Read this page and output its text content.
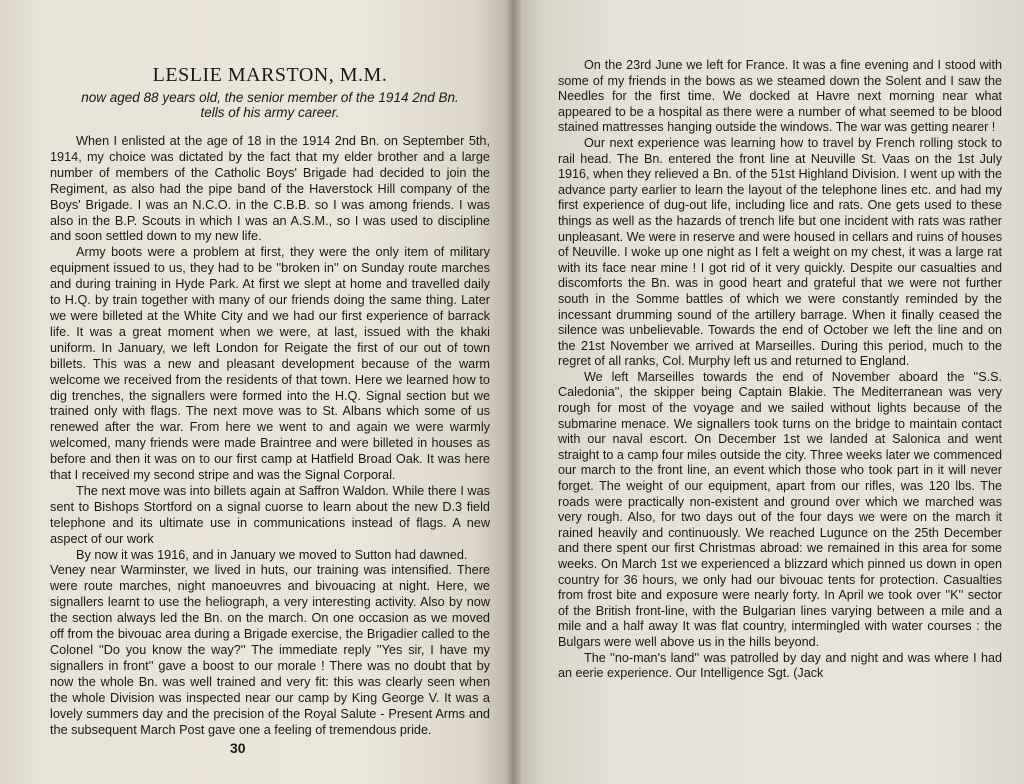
LESLIE MARSTON, M.M.
now aged 88 years old, the senior member of the 1914 2nd Bn.
tells of his army career.

When I enlisted at the age of 18 in the 1914 2nd Bn. on September 5th, 1914, my choice was dictated by the fact that my elder brother and a large number of members of the Catholic Boys' Brigade had decided to join the Regiment, as also had the pipe band of the Haverstock Hill company of the Boys' Brigade. I was an N.C.O. in the C.B.B. so I was among friends. I was also in the B.P. Scouts in which I was an A.S.M., so I was used to discipline and soon settled down to my new life.

Army boots were a problem at first, they were the only item of military equipment issued to us, they had to be ''broken in'' on Sunday route marches and during training in Hyde Park. At first we slept at home and travelled daily to H.Q. by train together with many of our friends doing the same thing. Later we were billeted at the White City and we had our first experience of barrack life. It was a great moment when we were, at last, issued with the khaki uniform. In January, we left London for Reigate the first of our out of town billets. This was a new and pleasant development because of the warm welcome we received from the residents of that town. Here we learned how to dig trenches, the signallers were formed into the H.Q. Signal section but we trained only with flags. The next move was to St. Albans which some of us renewed after the war. From here we went to and again we were warmly welcomed, many friends were made Braintree and were billeted in houses as before and then it was on to our first camp at Hatfield Broad Oak. It was here that I received my second stripe and was the Signal Corporal.

The next move was into billets again at Saffron Waldon. While there I was sent to Bishops Stortford on a signal cuorse to learn about the new D.3 field telephone and its ultimate use in communications instead of flags. A new aspect of our work

By now it was 1916, and in January we moved to Sutton had dawned.

Veney near Warminster, we lived in huts, our training was intensified. There were route marches, night manoeuvres and bivouacing at night. Here, we signallers learnt to use the heliograph, a very interesting activity. Also by now the section always led the Bn. on the march. On one occasion as we moved off from the bivouac area during a Brigade exercise, the Brigadier called to the Colonel ''Do you know the way?'' The immediate reply ''Yes sir, I have my signallers in front'' gave a boost to our morale ! There was no doubt that by now the whole Bn. was well trained and very fit: this was clearly seen when the whole Division was inspected near our camp by King George V. It was a lovely summers day and the precision of the Royal Salute - Present Arms and the subsequent March Post gave one a feeling of tremendous pride.

30

On the 23rd June we left for France. It was a fine evening and I stood with some of my friends in the bows as we steamed down the Solent and I saw the Needles for the first time. We docked at Havre next morning near what appeared to be a hospital as there were a number of what seemed to be blood stained mattresses hanging outside the windows. The war was getting nearer !

Our next experience was learning how to travel by French rolling stock to rail head. The Bn. entered the front line at Neuville St. Vaas on the 1st July 1916, when they relieved a Bn. of the 51st Highland Division. I went up with the advance party earlier to learn the layout of the telephone lines etc. and had my first experience of dug-out life, including lice and rats. One gets used to these things as well as the hazards of trench life but one incident with rats was rather unpleasant. We were in reserve and were housed in cellars and ruins of houses of Neuville. I woke up one night as I felt a weight on my chest, it was a large rat with its face near mine ! I got rid of it very quickly. Despite our casualties and discomforts the Bn. was in good heart and grateful that we were not further south in the Somme battles of which we were constantly reminded by the incessant drumming sound of the artillery barrage. When it finally ceased the silence was unbelievable. Towards the end of October we left the line and on the 21st November we arrived at Marseilles. During this period, much to the regret of all ranks, Col. Murphy left us and returned to England.

We left Marseilles towards the end of November aboard the ''S.S. Caledonia'', the skipper being Captain Blakie. The Mediterranean was very rough for most of the voyage and we sailed without lights because of the submarine menace. We signallers took turns on the bridge to maintain contact with our naval escort. On December 1st we landed at Salonica and went straight to a camp four miles outside the city. Three weeks later we commenced our march to the front line, an event which those who took part in it will never forget. The weight of our equipment, apart from our rifles, was 120 lbs. The roads were practically non-existent and ground over which we marched was very rough. Also, for two days out of the four days we were on the march it rained heavily and continuously. We reached Lugunce on the 25th December and there spent our first Christmas abroad: we remained in this area for some weeks. On March 1st we experienced a blizzard which pinned us down in open country for 36 hours, we only had our bivouac tents for protection. Casualties from frost bite and exposure were nearly forty. In April we took over ''K'' sector of the British front-line, with the Bulgarian lines varying between a mile and a mile and a half away It was flat country, intermingled with water courses : the Bulgars were well above us in the hills beyond.

The ''no-man's land'' was patrolled by day and night and was where I had an eerie experience. Our Intelligence Sgt. (Jack
